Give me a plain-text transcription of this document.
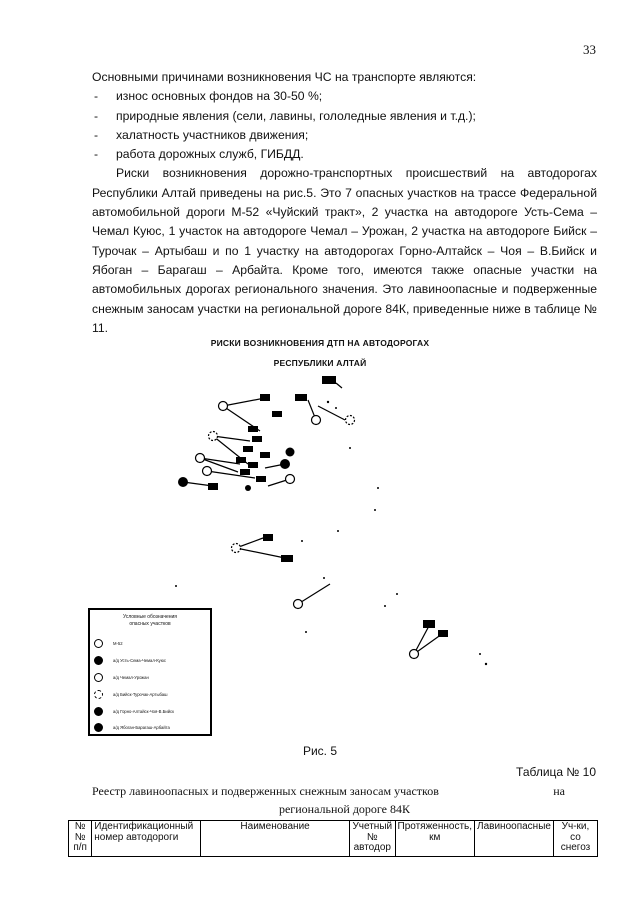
33

Основными причинами возникновения ЧС на транспорте являются:

- износ основных фондов на 30-50 %;
- природные явления (сели, лавины, гололедные явления и т.д.);
- халатность участников движения;
- работа дорожных служб, ГИБДД.

Риски возникновения дорожно-транспортных происшествий на автодорогах Республики Алтай приведены на рис.5. Это 7 опасных участков на трассе Федеральной автомобильной дороги М-52 «Чуйский тракт», 2 участка на автодороге Усть-Сема – Чемал Куюс, 1 участок на автодороге Чемал – Урожан, 2 участка на автодороге Бийск – Турочак – Артыбаш и по 1 участку на автодорогах Горно-Алтайск – Чоя – В.Бийск и Ябоган – Барагаш – Арбайта. Кроме того, имеются также опасные участки на автомобильных дорогах регионального значения. Это лавиноопасные и подверженные снежным заносам участки на региональной дороге 84К, приведенные ниже в таблице № 11.

РИСКИ ВОЗНИКНОВЕНИЯ ДТП НА АВТОДОРОГАХ
РЕСПУБЛИКИ АЛТАЙ
Условные обозначения
опасных участков
М-52
а/д Усть-Сема-Чемал-Куюс
а/д Чемал-Урожан
а/д Бийск-Турочак-Артыбаш
а/д Горно-Алтайск-Чоя-В.Бийск
а/д Ябоган-Барагаш-Арбайта
Рис. 5
Таблица № 10
Реестр лавиноопасных и подверженных снежным заносам участков	на
региональной дороге 84К
№ № п/п	Идентификационный номер автодороги	Наименование	Учетный № автодор	Протяженность, км	Лавиноопасные	Уч-ки, со снегоз
